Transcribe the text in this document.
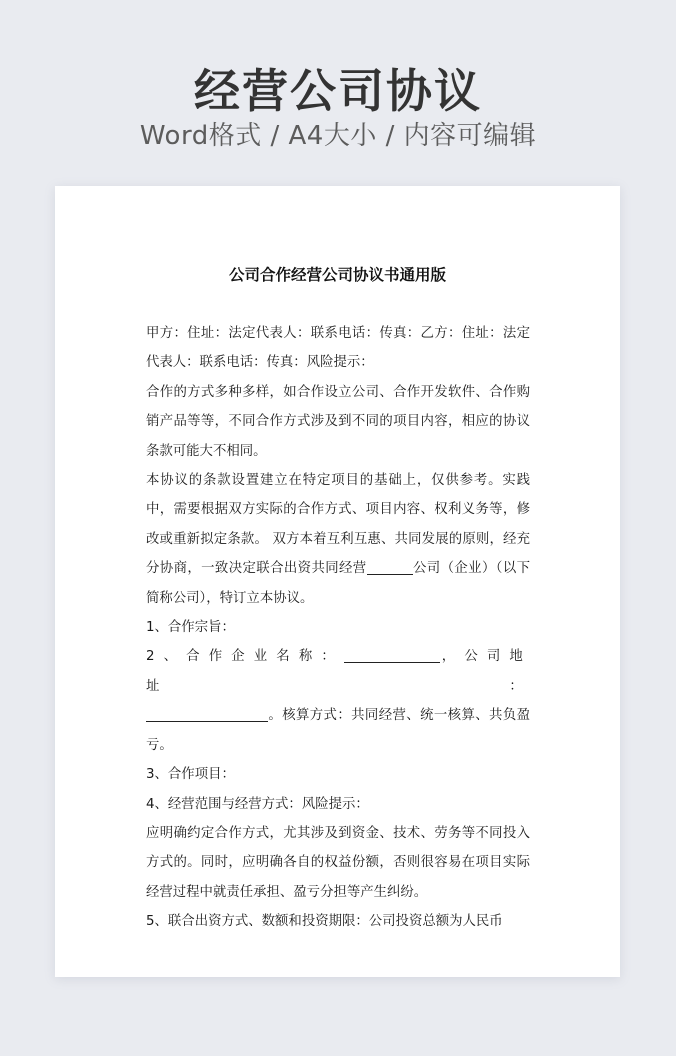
经营公司协议
Word格式 / A4大小 / 内容可编辑
公司合作经营公司协议书通用版

甲方：住址：法定代表人：联系电话：传真：乙方：住址：法定代表人：联系电话：传真：风险提示：

合作的方式多种多样，如合作设立公司、合作开发软件、合作购销产品等等，不同合作方式涉及到不同的项目内容，相应的协议条款可能大不相同。

本协议的条款设置建立在特定项目的基础上，仅供参考。实践中，需要根据双方实际的合作方式、项目内容、权利义务等，修改或重新拟定条款。 双方本着互利互惠、共同发展的原则，经充分协商，一致决定联合出资共同经营	公司（企业）（以下简称公司），特订立本协议。

1、合作宗旨：

2、合作企业名称：	，公司地址：

。核算方式：共同经营、统一核算、共负盈亏。

3、合作项目：

4、经营范围与经营方式：风险提示：

应明确约定合作方式，尤其涉及到资金、技术、劳务等不同投入方式的。同时，应明确各自的权益份额，否则很容易在项目实际经营过程中就责任承担、盈亏分担等产生纠纷。

5、联合出资方式、数额和投资期限：公司投资总额为人民币
